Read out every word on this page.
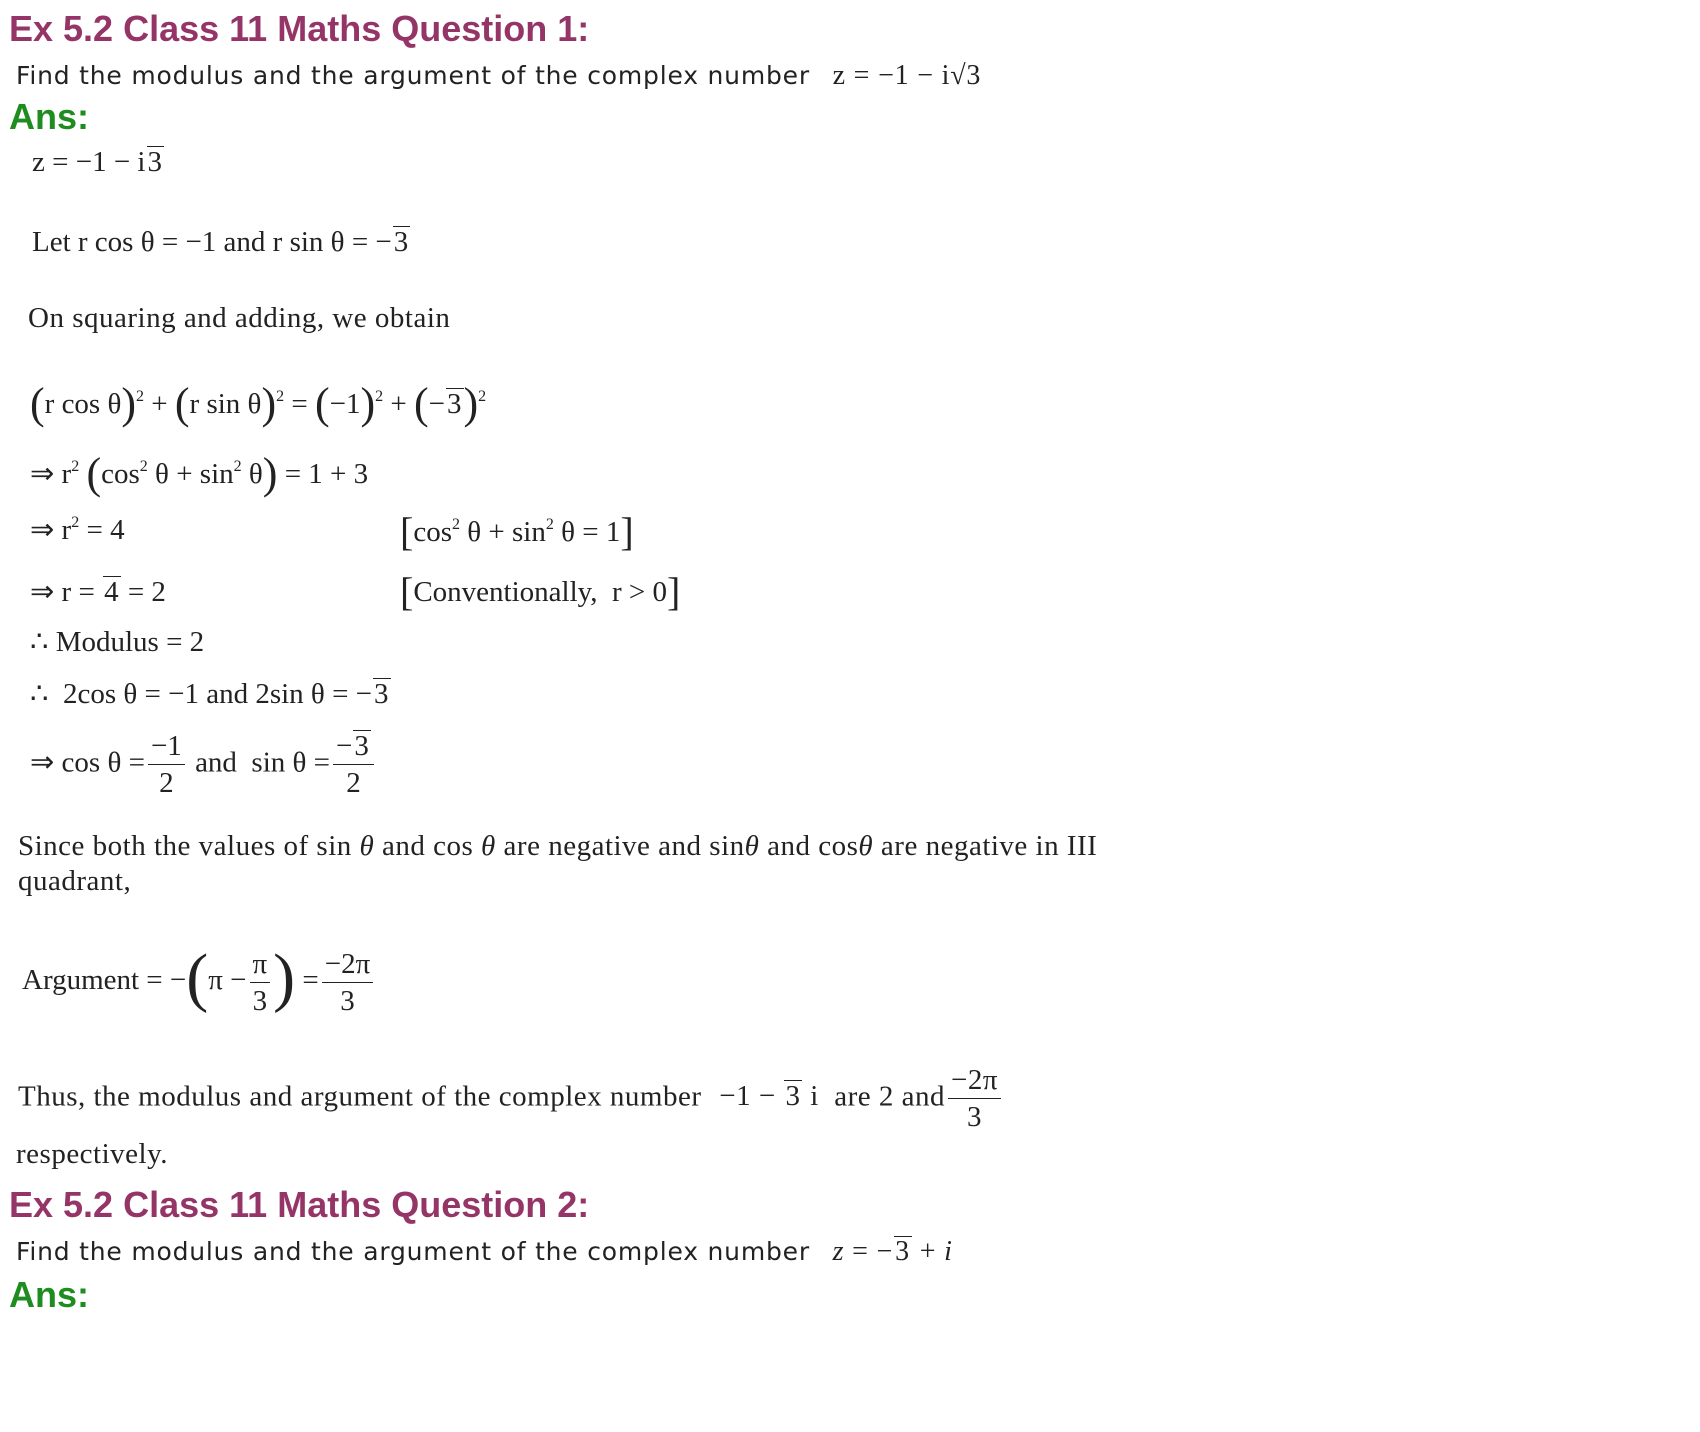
Ex 5.2 Class 11 Maths Question 1:
Find the modulus and the argument of the complex number z = −1 − i√3
Ans:
z = −1 − i3
Let r cos θ = −1 and r sin θ = −3
On squaring and adding, we obtain
(r cos θ)$^2$ + (r $\sin \theta)^2 = (-1)^2 + (-3)^2$
⇒ $r^2$ ($\cos^2$ $\theta + \sin^2 \theta) = 1 + 3$
⇒ $r^2 = 4$	[$\cos^2$ $\theta + \sin^2 \theta = 1$]
⇒ r = 4 = 2	[Conventionally,  r > 0]
∴ Modulus = 2
∴  2cos θ = −1 and 2sin θ = −3
⇒ $\cos \theta = \frac{-1}{2}$ and  $\sin \theta = \frac{-3}{2}$
Since both the values of sin θ and cos θ are negative and sinθ and cosθ are negative in III
quadrant,
Argument = $-(\pi - \frac{\pi}{3}$ ) = $\frac{-2\pi}{3}$
Thus, the modulus and argument of the complex number −1 − 3 i  are 2 and $\frac{-2\pi}{3}$
respectively.
Ex 5.2 Class 11 Maths Question 2:
Find the modulus and the argument of the complex number z = −3 + i
Ans:
